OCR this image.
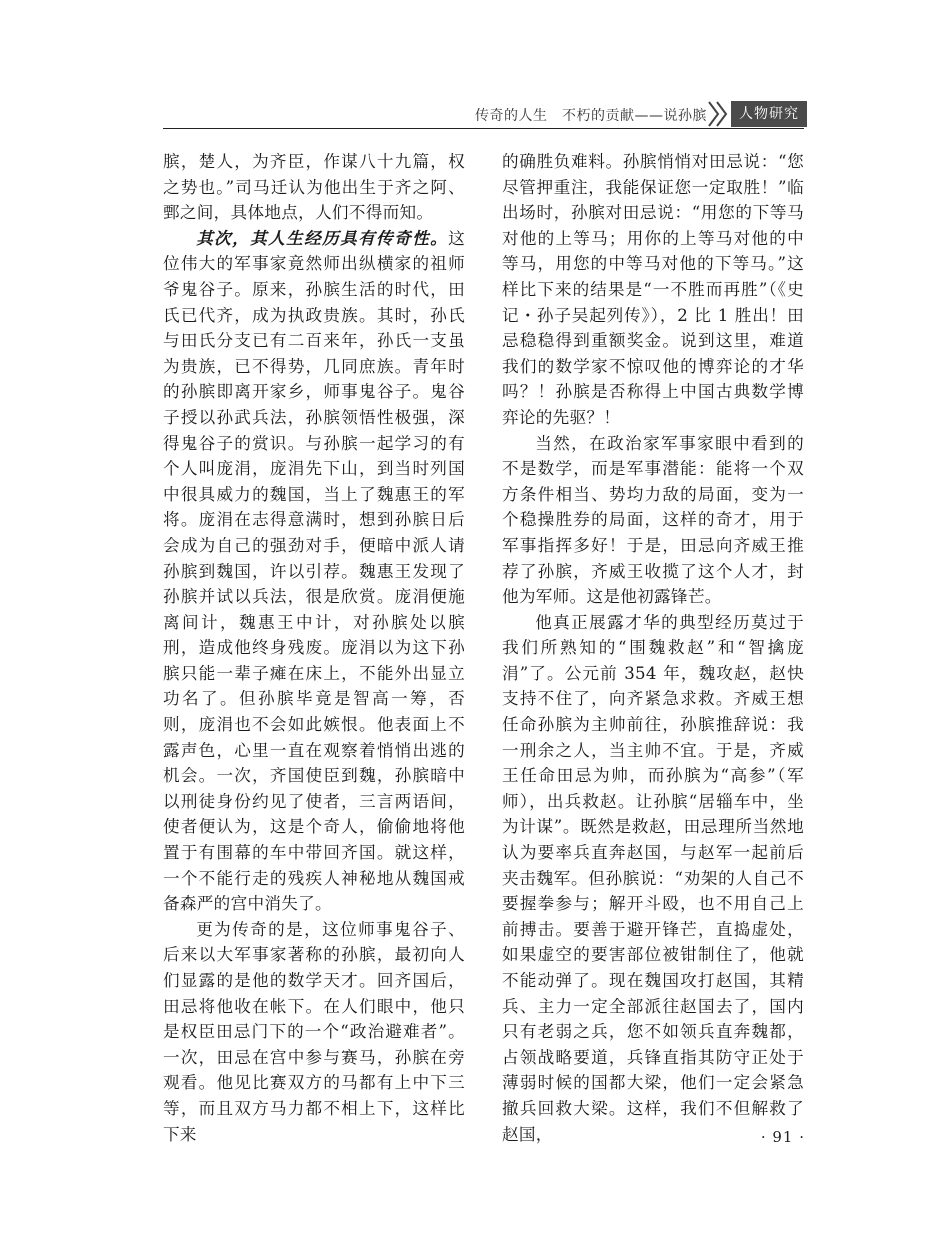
传奇的人生　不朽的贡献——说孙膑	人物研究

膑，楚人，为齐臣，作谋八十九篇，权之势也。”司马迁认为他出生于齐之阿、鄄之间，具体地点，人们不得而知。

其次，其人生经历具有传奇性。这位伟大的军事家竟然师出纵横家的祖师爷鬼谷子。原来，孙膑生活的时代，田氏已代齐，成为执政贵族。其时，孙氏与田氏分支已有二百来年，孙氏一支虽为贵族，已不得势，几同庶族。青年时的孙膑即离开家乡，师事鬼谷子。鬼谷子授以孙武兵法，孙膑领悟性极强，深得鬼谷子的赏识。与孙膑一起学习的有个人叫庞涓，庞涓先下山，到当时列国中很具威力的魏国，当上了魏惠王的军将。庞涓在志得意满时，想到孙膑日后会成为自己的强劲对手，便暗中派人请孙膑到魏国，许以引荐。魏惠王发现了孙膑并试以兵法，很是欣赏。庞涓便施离间计，魏惠王中计，对孙膑处以膑刑，造成他终身残废。庞涓以为这下孙膑只能一辈子瘫在床上，不能外出显立功名了。但孙膑毕竟是智高一筹，否则，庞涓也不会如此嫉恨。他表面上不露声色，心里一直在观察着悄悄出逃的机会。一次，齐国使臣到魏，孙膑暗中以刑徒身份约见了使者，三言两语间，使者便认为，这是个奇人，偷偷地将他置于有围幕的车中带回齐国。就这样，一个不能行走的残疾人神秘地从魏国戒备森严的宫中消失了。

更为传奇的是，这位师事鬼谷子、后来以大军事家著称的孙膑，最初向人们显露的是他的数学天才。回齐国后，田忌将他收在帐下。在人们眼中，他只是权臣田忌门下的一个“政治避难者”。一次，田忌在宫中参与赛马，孙膑在旁观看。他见比赛双方的马都有上中下三等，而且双方马力都不相上下，这样比下来

的确胜负难料。孙膑悄悄对田忌说：“您尽管押重注，我能保证您一定取胜！”临出场时，孙膑对田忌说：“用您的下等马对他的上等马；用你的上等马对他的中等马，用您的中等马对他的下等马。”这样比下来的结果是“一不胜而再胜”（《史记・孙子吴起列传》），2 比 1 胜出！田忌稳稳得到重额奖金。说到这里，难道我们的数学家不惊叹他的博弈论的才华吗？！孙膑是否称得上中国古典数学博弈论的先驱？！

当然，在政治家军事家眼中看到的不是数学，而是军事潜能：能将一个双方条件相当、势均力敌的局面，变为一个稳操胜券的局面，这样的奇才，用于军事指挥多好！于是，田忌向齐威王推荐了孙膑，齐威王收揽了这个人才，封他为军师。这是他初露锋芒。

他真正展露才华的典型经历莫过于我们所熟知的“围魏救赵”和“智擒庞涓”了。公元前 354 年，魏攻赵，赵快支持不住了，向齐紧急求救。齐威王想任命孙膑为主帅前往，孙膑推辞说：我一刑余之人，当主帅不宜。于是，齐威王任命田忌为帅，而孙膑为“高参”（军师），出兵救赵。让孙膑“居辎车中，坐为计谋”。既然是救赵，田忌理所当然地认为要率兵直奔赵国，与赵军一起前后夹击魏军。但孙膑说：“劝架的人自己不要握拳参与；解开斗殴，也不用自己上前搏击。要善于避开锋芒，直捣虚处，如果虚空的要害部位被钳制住了，他就不能动弹了。现在魏国攻打赵国，其精兵、主力一定全部派往赵国去了，国内只有老弱之兵，您不如领兵直奔魏都，占领战略要道，兵锋直指其防守正处于薄弱时候的国都大梁，他们一定会紧急撤兵回救大梁。这样，我们不但解救了赵国，	· 91 ·
